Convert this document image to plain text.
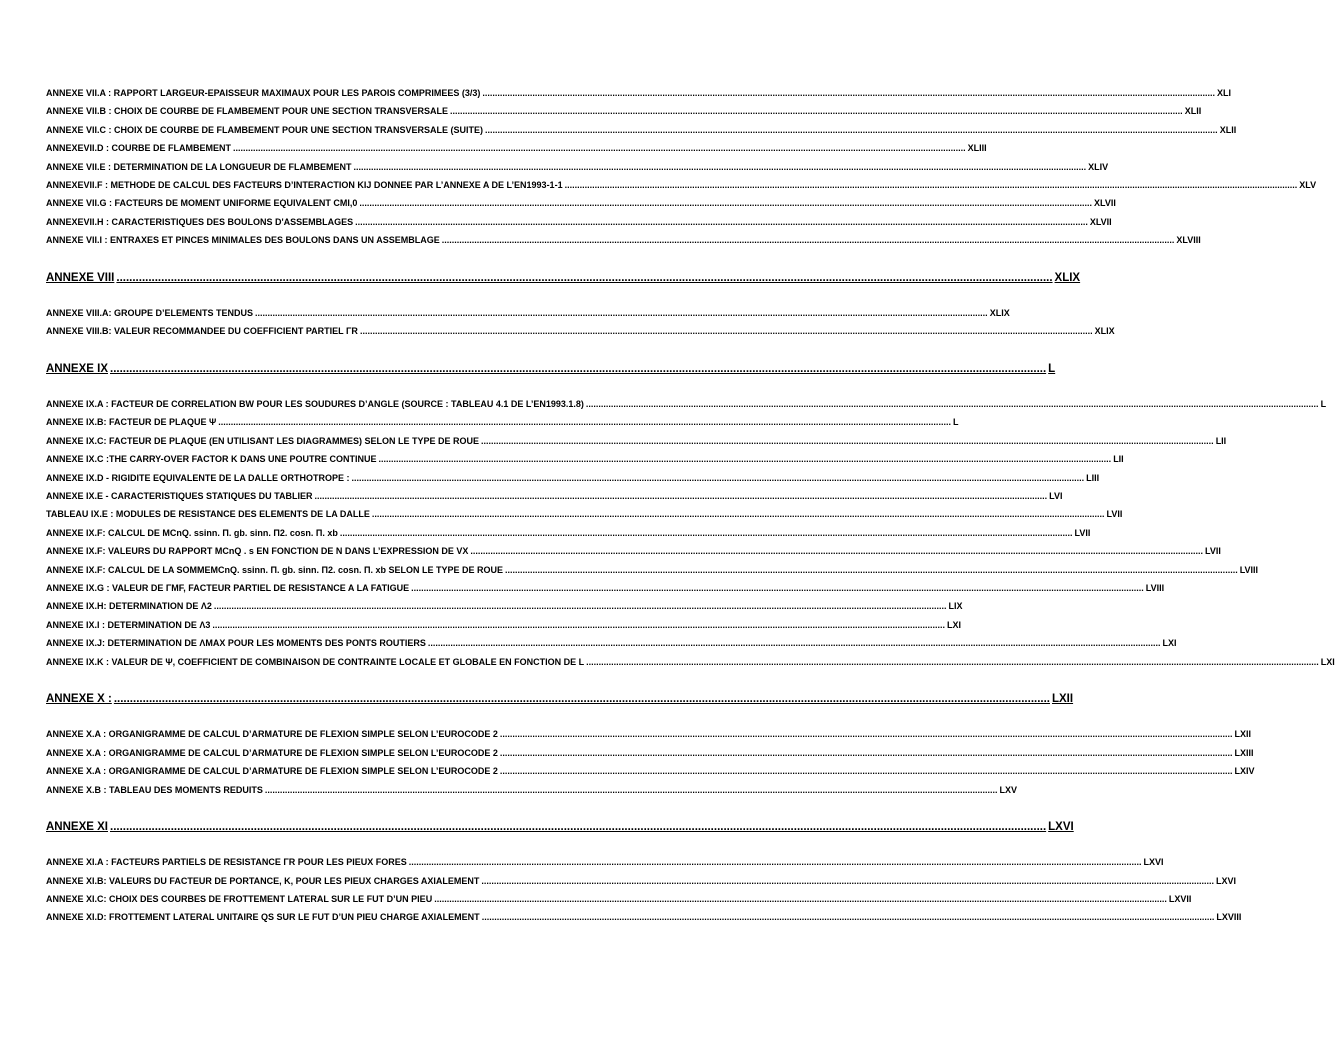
ANNEXE VII.A : RAPPORT LARGEUR-EPAISSEUR MAXIMAUX POUR LES PAROIS COMPRIMEES (3/3) .....	XLI
ANNEXE VII.B : CHOIX DE COURBE DE FLAMBEMENT POUR UNE SECTION TRANSVERSALE .....	XLII
ANNEXE VII.C : CHOIX DE COURBE DE FLAMBEMENT POUR UNE SECTION TRANSVERSALE (SUITE) .....	XLII
ANNEXEVII.D : COURBE DE FLAMBEMENT .....	XLIII
ANNEXE VII.E : DETERMINATION DE LA LONGUEUR DE FLAMBEMENT .....	XLIV
ANNEXEVII.F : METHODE DE CALCUL DES FACTEURS D’INTERACTION KIJ DONNEE PAR L’ANNEXE A DE L’EN1993-1-1 .....	XLV
ANNEXE VII.G : FACTEURS DE MOMENT UNIFORME EQUIVALENT CMI,0 .....	XLVII
ANNEXEVII.H : CARACTERISTIQUES DES BOULONS D'ASSEMBLAGES .....	XLVII
ANNEXE VII.I : ENTRAXES ET PINCES MINIMALES DES BOULONS DANS UN ASSEMBLAGE .....	XLVIII
ANNEXE VIII .....	XLIX
ANNEXE VIII.A: GROUPE D’ELEMENTS TENDUS .....	XLIX
ANNEXE VIII.B: VALEUR RECOMMANDEE DU COEFFICIENT PARTIEL ΓR .....	XLIX
ANNEXE IX .....	L
ANNEXE IX.A : FACTEUR DE CORRELATION BW POUR LES SOUDURES D’ANGLE (SOURCE : TABLEAU 4.1 DE L’EN1993.1.8) .....	L
ANNEXE IX.B: FACTEUR DE PLAQUE Ψ .....	L
ANNEXE IX.C: FACTEUR DE PLAQUE (EN UTILISANT LES DIAGRAMMES) SELON LE TYPE DE ROUE .....	LII
ANNEXE IX.C :THE CARRY-OVER FACTOR K DANS UNE POUTRE CONTINUE .....	LII
ANNEXE IX.D - RIGIDITE EQUIVALENTE DE LA DALLE ORTHOTROPE : .....	LIII
ANNEXE IX.E - CARACTERISTIQUES STATIQUES DU TABLIER .....	LVI
TABLEAU IX.E : MODULES DE RESISTANCE DES ELEMENTS DE LA DALLE .....	LVII
ANNEXE IX.F: CALCUL DE MCnQ. ssinn. Π. gb. sinn. Π2. cosn. Π. xb .....	LVII
ANNEXE IX.F: VALEURS DU RAPPORT MCnQ . s EN FONCTION DE N DANS L’EXPRESSION DE VX .....	LVII
ANNEXE IX.F: CALCUL DE LA SOMMEMCnQ. ssinn. Π. gb. sinn. Π2. cosn. Π. xb SELON LE TYPE DE ROUE .....	LVIII
ANNEXE IX.G : VALEUR DE ΓMF, FACTEUR PARTIEL DE RESISTANCE A LA FATIGUE .....	LVIII
ANNEXE IX.H: DETERMINATION DE Λ2 .....	LIX
ANNEXE IX.I : DETERMINATION DE Λ3 .....	LXI
ANNEXE IX.J: DETERMINATION DE ΛMAX POUR LES MOMENTS DES PONTS ROUTIERS .....	LXI
ANNEXE IX.K : VALEUR DE Ψ, COEFFICIENT DE COMBINAISON DE CONTRAINTE LOCALE ET GLOBALE EN FONCTION DE L .....	LXI
ANNEXE X : .....	LXII
ANNEXE X.A : ORGANIGRAMME DE CALCUL D’ARMATURE DE FLEXION SIMPLE SELON L’EUROCODE 2 .....	LXII
ANNEXE X.A : ORGANIGRAMME DE CALCUL D’ARMATURE DE FLEXION SIMPLE SELON L’EUROCODE 2 .....	LXIII
ANNEXE X.A : ORGANIGRAMME DE CALCUL D’ARMATURE DE FLEXION SIMPLE SELON L’EUROCODE 2 .....	LXIV
ANNEXE X.B : TABLEAU DES MOMENTS REDUITS .....	LXV
ANNEXE XI .....	LXVI
ANNEXE XI.A : FACTEURS PARTIELS DE RESISTANCE ΓR POUR LES PIEUX FORES .....	LXVI
ANNEXE XI.B: VALEURS DU FACTEUR DE PORTANCE, K, POUR LES PIEUX CHARGES AXIALEMENT .....	LXVI
ANNEXE XI.C: CHOIX DES COURBES DE FROTTEMENT LATERAL SUR LE FUT D’UN PIEU .....	LXVII
ANNEXE XI.D: FROTTEMENT LATERAL UNITAIRE QS SUR LE FUT D’UN PIEU CHARGE AXIALEMENT .....	LXVIII
